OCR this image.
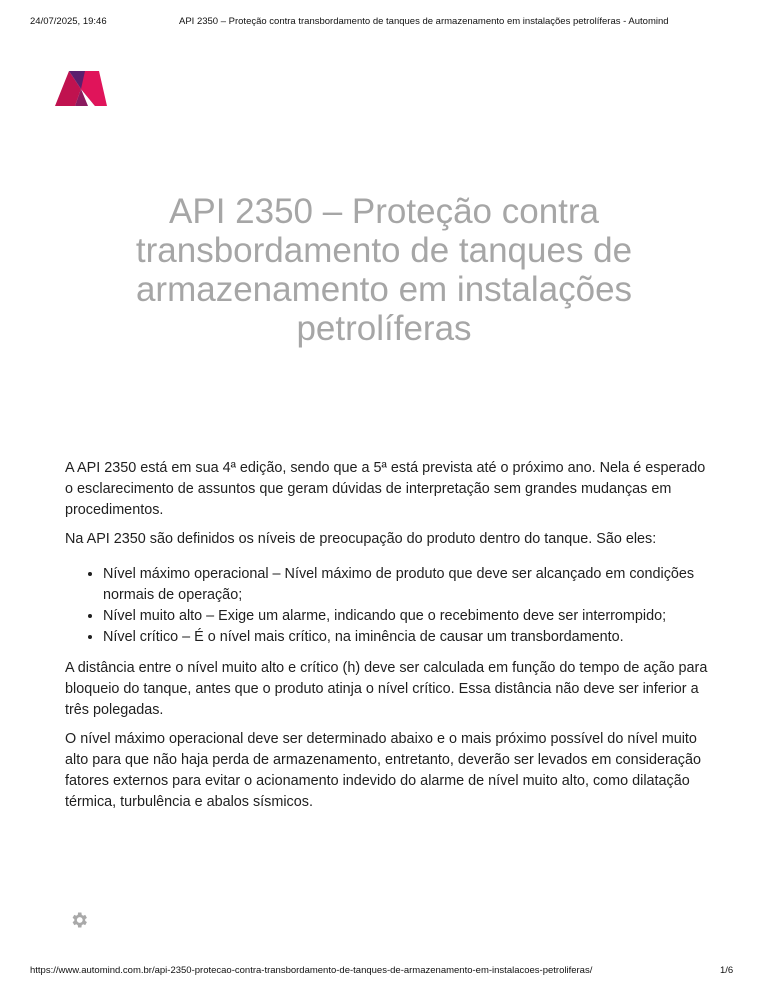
24/07/2025, 19:46	API 2350 – Proteção contra transbordamento de tanques de armazenamento em instalações petrolíferas - Automind
API 2350 – Proteção contra transbordamento de tanques de armazenamento em instalações petrolíferas

A API 2350 está em sua 4ª edição, sendo que a 5ª está prevista até o próximo ano. Nela é esperado o esclarecimento de assuntos que geram dúvidas de interpretação sem grandes mudanças em procedimentos.

Na API 2350 são definidos os níveis de preocupação do produto dentro do tanque. São eles:

• Nível máximo operacional – Nível máximo de produto que deve ser alcançado em condições normais de operação;
• Nível muito alto – Exige um alarme, indicando que o recebimento deve ser interrompido;
• Nível crítico – É o nível mais crítico, na iminência de causar um transbordamento.

A distância entre o nível muito alto e crítico (h) deve ser calculada em função do tempo de ação para bloqueio do tanque, antes que o produto atinja o nível crítico. Essa distância não deve ser inferior a três polegadas.

O nível máximo operacional deve ser determinado abaixo e o mais próximo possível do nível muito alto para que não haja perda de armazenamento, entretanto, deverão ser levados em consideração fatores externos para evitar o acionamento indevido do alarme de nível muito alto, como dilatação térmica, turbulência e abalos sísmicos.

https://www.automind.com.br/api-2350-protecao-contra-transbordamento-de-tanques-de-armazenamento-em-instalacoes-petroliferas/	1/6
